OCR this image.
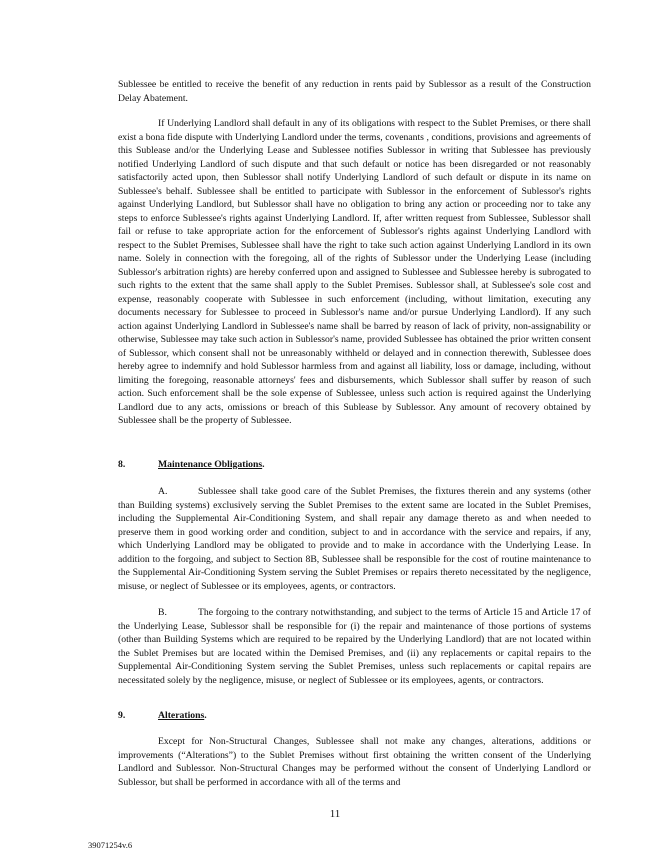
Sublessee be entitled to receive the benefit of any reduction in rents paid by Sublessor as a result of the Construction Delay Abatement.

If Underlying Landlord shall default in any of its obligations with respect to the Sublet Premises, or there shall exist a bona fide dispute with Underlying Landlord under the terms, covenants , conditions, provisions and agreements of this Sublease and/or the Underlying Lease and Sublessee notifies Sublessor in writing that Sublessee has previously notified Underlying Landlord of such dispute and that such default or notice has been disregarded or not reasonably satisfactorily acted upon, then Sublessor shall notify Underlying Landlord of such default or dispute in its name on Sublessee's behalf. Sublessee shall be entitled to participate with Sublessor in the enforcement of Sublessor's rights against Underlying Landlord, but Sublessor shall have no obligation to bring any action or proceeding nor to take any steps to enforce Sublessee's rights against Underlying Landlord. If, after written request from Sublessee, Sublessor shall fail or refuse to take appropriate action for the enforcement of Sublessor's rights against Underlying Landlord with respect to the Sublet Premises, Sublessee shall have the right to take such action against Underlying Landlord in its own name. Solely in connection with the foregoing, all of the rights of Sublessor under the Underlying Lease (including Sublessor's arbitration rights) are hereby conferred upon and assigned to Sublessee and Sublessee hereby is subrogated to such rights to the extent that the same shall apply to the Sublet Premises. Sublessor shall, at Sublessee's sole cost and expense, reasonably cooperate with Sublessee in such enforcement (including, without limitation, executing any documents necessary for Sublessee to proceed in Sublessor's name and/or pursue Underlying Landlord). If any such action against Underlying Landlord in Sublessee's name shall be barred by reason of lack of privity, non-assignability or otherwise, Sublessee may take such action in Sublessor's name, provided Sublessee has obtained the prior written consent of Sublessor, which consent shall not be unreasonably withheld or delayed and in connection therewith, Sublessee does hereby agree to indemnify and hold Sublessor harmless from and against all liability, loss or damage, including, without limiting the foregoing, reasonable attorneys' fees and disbursements, which Sublessor shall suffer by reason of such action. Such enforcement shall be the sole expense of Sublessee, unless such action is required against the Underlying Landlord due to any acts, omissions or breach of this Sublease by Sublessor. Any amount of recovery obtained by Sublessee shall be the property of Sublessee.

8.	Maintenance Obligations.

A.	Sublessee shall take good care of the Sublet Premises, the fixtures therein and any systems (other than Building systems) exclusively serving the Sublet Premises to the extent same are located in the Sublet Premises, including the Supplemental Air-Conditioning System, and shall repair any damage thereto as and when needed to preserve them in good working order and condition, subject to and in accordance with the service and repairs, if any, which Underlying Landlord may be obligated to provide and to make in accordance with the Underlying Lease. In addition to the forgoing, and subject to Section 8B, Sublessee shall be responsible for the cost of routine maintenance to the Supplemental Air-Conditioning System serving the Sublet Premises or repairs thereto necessitated by the negligence, misuse, or neglect of Sublessee or its employees, agents, or contractors.

B.	The forgoing to the contrary notwithstanding, and subject to the terms of Article 15 and Article 17 of the Underlying Lease, Sublessor shall be responsible for (i) the repair and maintenance of those portions of systems (other than Building Systems which are required to be repaired by the Underlying Landlord) that are not located within the Sublet Premises but are located within the Demised Premises, and (ii) any replacements or capital repairs to the Supplemental Air-Conditioning System serving the Sublet Premises, unless such replacements or capital repairs are necessitated solely by the negligence, misuse, or neglect of Sublessee or its employees, agents, or contractors.

9.	Alterations.

Except for Non-Structural Changes, Sublessee shall not make any changes, alterations, additions or improvements (“Alterations”) to the Sublet Premises without first obtaining the written consent of the Underlying Landlord and Sublessor. Non-Structural Changes may be performed without the consent of Underlying Landlord or Sublessor, but shall be performed in accordance with all of the terms and

11

39071254v.6
